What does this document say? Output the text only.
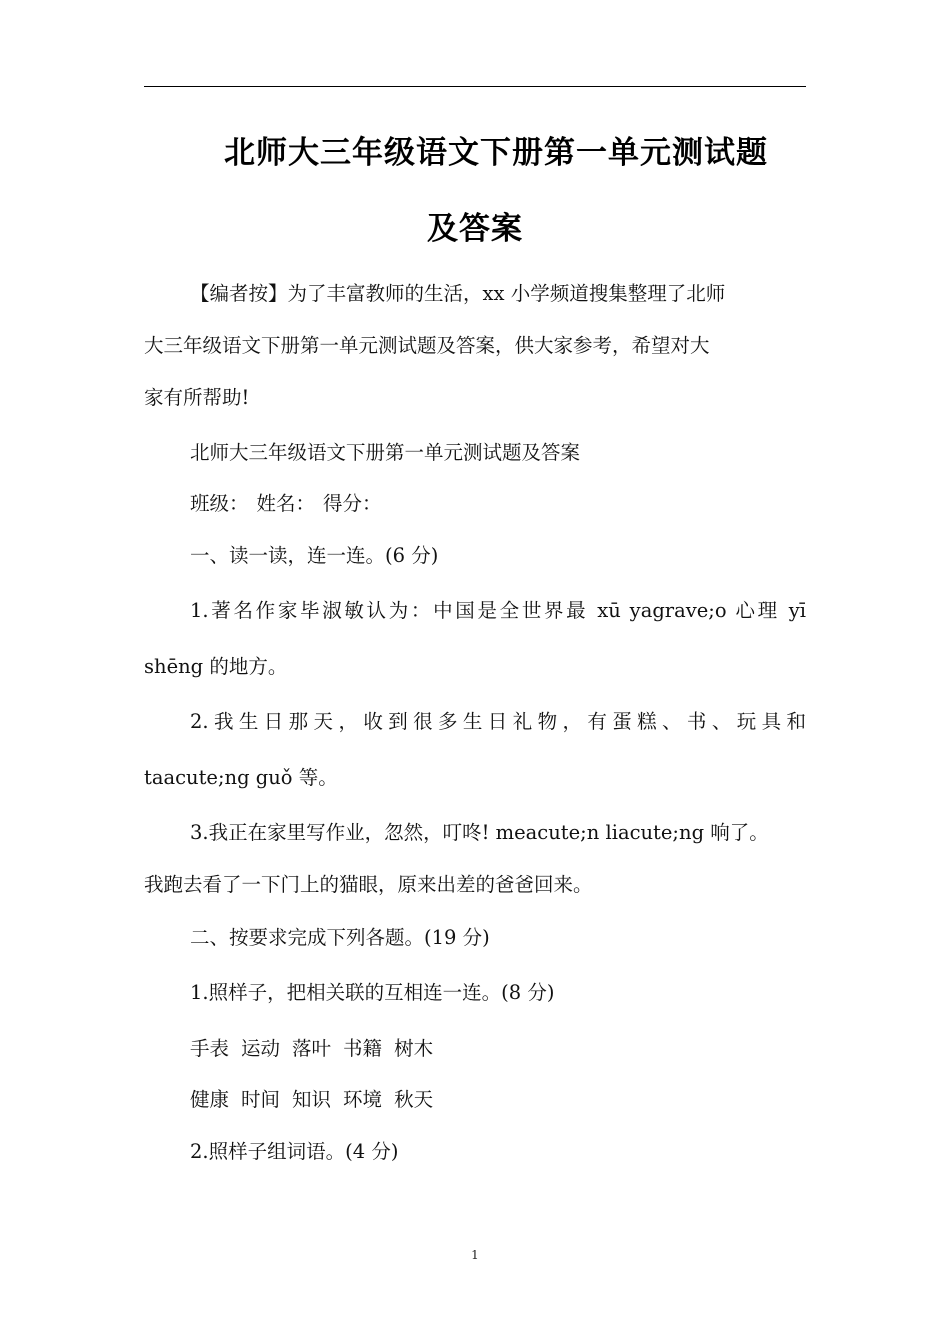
北师大三年级语文下册第一单元测试题
及答案
【编者按】为了丰富教师的生活，xx 小学频道搜集整理了北师
大三年级语文下册第一单元测试题及答案，供大家参考，希望对大
家有所帮助!
北师大三年级语文下册第一单元测试题及答案
班级： 姓名： 得分：
一、读一读，连一连。(6 分)
1.著名作家毕淑敏认为：中国是全世界最 xū yagrave;o 心理 yī
shēng 的地方。
2.我生日那天，收到很多生日礼物，有蛋糕、书、玩具和
taacute;ng guǒ 等。
3.我正在家里写作业，忽然，叮咚! meacute;n liacute;ng 响了。
我跑去看了一下门上的猫眼，原来出差的爸爸回来。
二、按要求完成下列各题。(19 分)
1.照样子，把相关联的互相连一连。(8 分)
手表 运动 落叶 书籍 树木
健康 时间 知识 环境 秋天
2.照样子组词语。(4 分)
1
